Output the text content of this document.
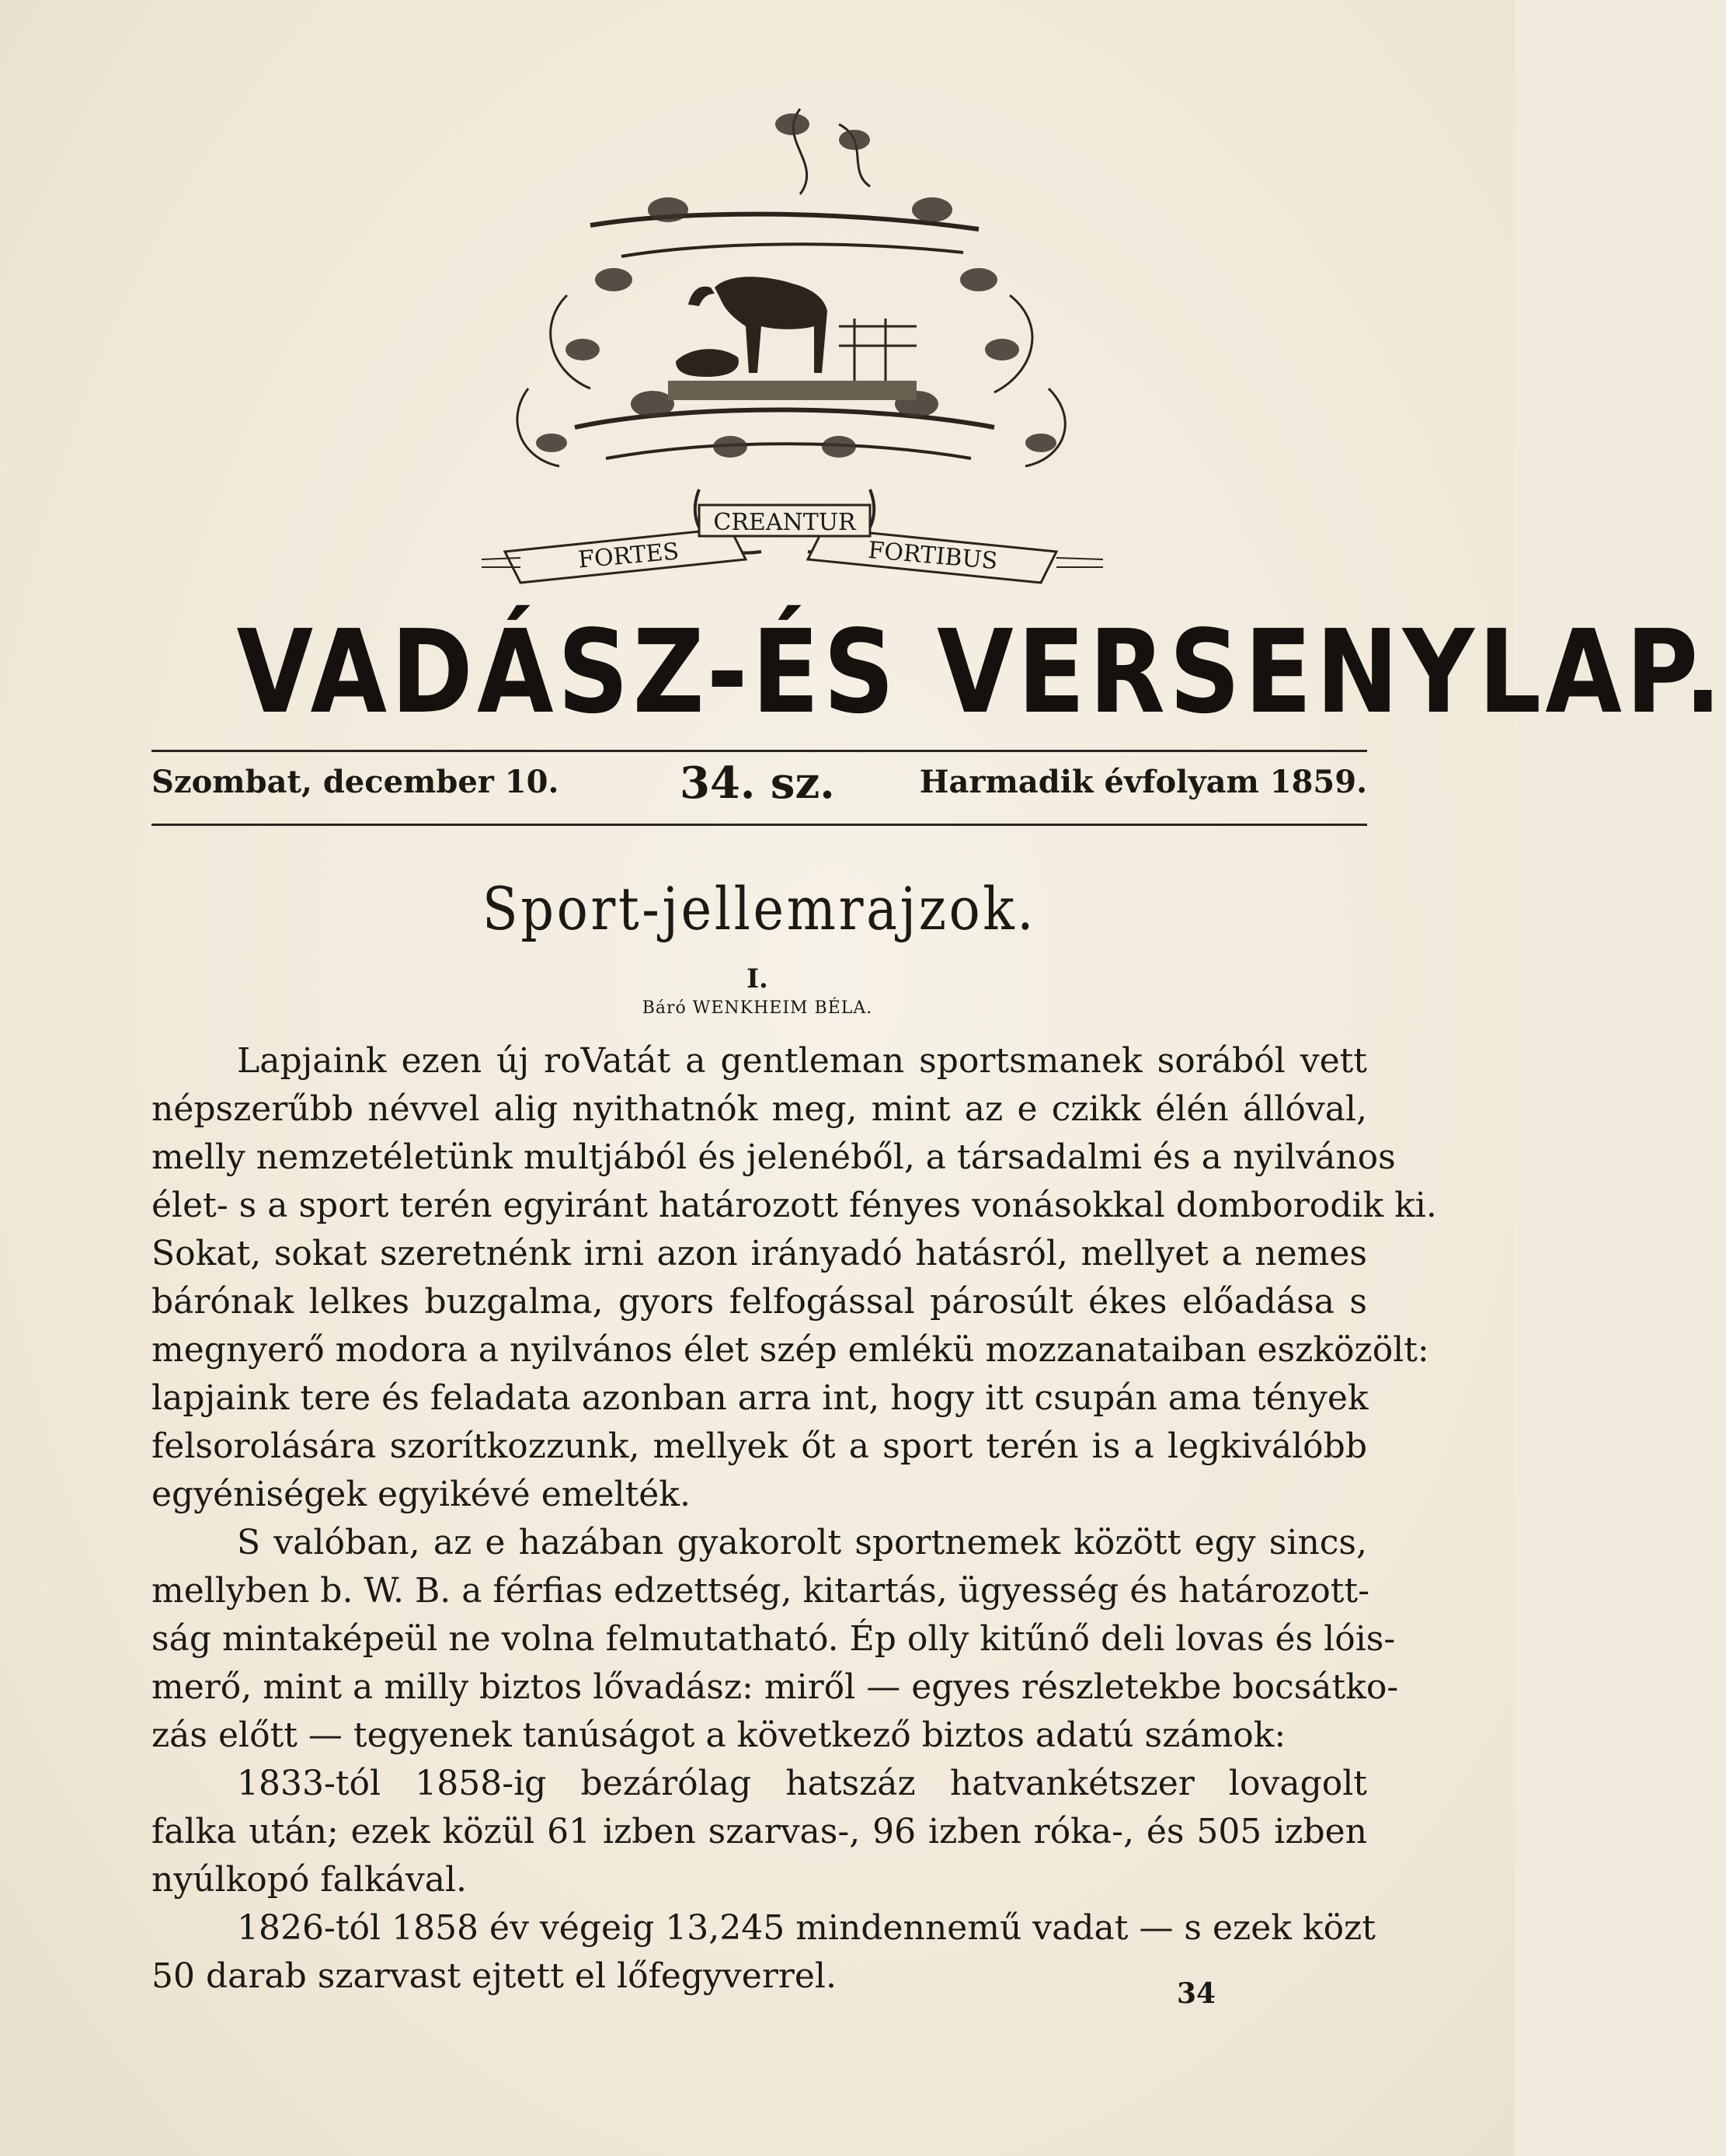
CREANTUR
FORTES	FORTIBUS
VADÁSZ-ÉS VERSENYLAP.
Szombat, december 10.	34. sz.	Harmadik évfolyam 1859.
Sport-jellemrajzok.
I.
Báró WENKHEIM BÉLA.
Lapjaink ezen új roVatát a gentleman sportsmanek sorából vett
népszerűbb névvel alig nyithatnók meg, mint az e czikk élén állóval,
melly nemzetéletünk multjából és jelenéből, a társadalmi és a nyilvános
élet- s a sport terén egyiránt határozott fényes vonásokkal domborodik ki.
Sokat, sokat szeretnénk irni azon irányadó hatásról, mellyet a nemes
bárónak lelkes buzgalma, gyors felfogással párosúlt ékes előadása s
megnyerő modora a nyilvános élet szép emlékü mozzanataiban eszközölt:
lapjaink tere és feladata azonban arra int, hogy itt csupán ama tények
felsorolására szorítkozzunk, mellyek őt a sport terén is a legkiválóbb
egyéniségek egyikévé emelték.
S valóban, az e hazában gyakorolt sportnemek között egy sincs,
mellyben b. W. B. a férfias edzettség, kitartás, ügyesség és határozott-
ság mintaképeül ne volna felmutatható. Ép olly kitűnő deli lovas és lóis-
merő, mint a milly biztos lővadász: miről — egyes részletekbe bocsátko-
zás előtt — tegyenek tanúságot a következő biztos adatú számok:
1833-tól 1858-ig bezárólag hatszáz hatvankétszer lovagolt
falka után; ezek közül 61 izben szarvas-, 96 izben róka-, és 505 izben
nyúlkopó falkával.
1826-tól 1858 év végeig 13,245 mindennemű vadat — s ezek közt
50 darab szarvast ejtett el lőfegyverrel.	34
